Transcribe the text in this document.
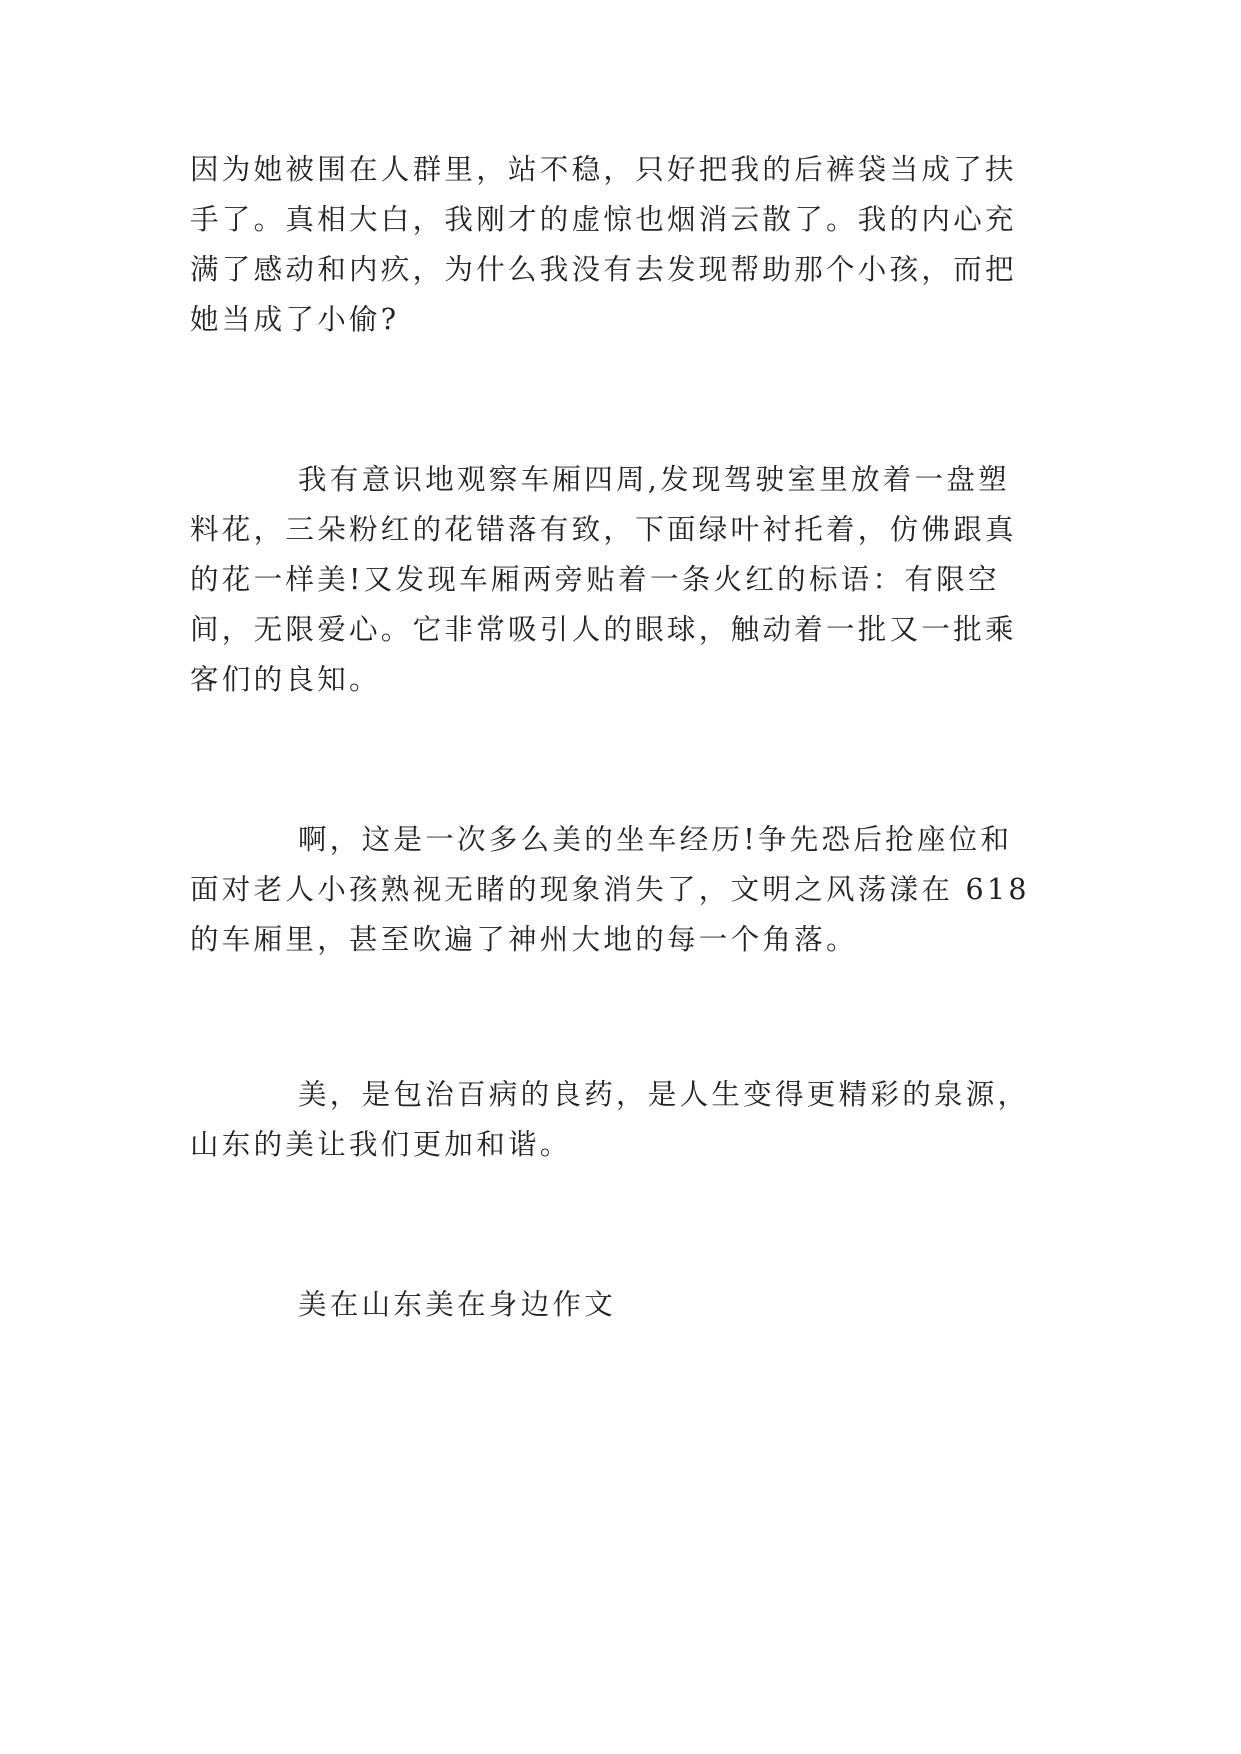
因为她被围在人群里，站不稳，只好把我的后裤袋当成了扶
手了。真相大白，我刚才的虚惊也烟消云散了。我的内心充
满了感动和内疚，为什么我没有去发现帮助那个小孩，而把
她当成了小偷?
我有意识地观察车厢四周,发现驾驶室里放着一盘塑
料花，三朵粉红的花错落有致，下面绿叶衬托着，仿佛跟真
的花一样美!又发现车厢两旁贴着一条火红的标语：有限空
间，无限爱心。它非常吸引人的眼球，触动着一批又一批乘
客们的良知。
啊，这是一次多么美的坐车经历!争先恐后抢座位和
面对老人小孩熟视无睹的现象消失了，文明之风荡漾在 618
的车厢里，甚至吹遍了神州大地的每一个角落。
美，是包治百病的良药，是人生变得更精彩的泉源，
山东的美让我们更加和谐。
美在山东美在身边作文
